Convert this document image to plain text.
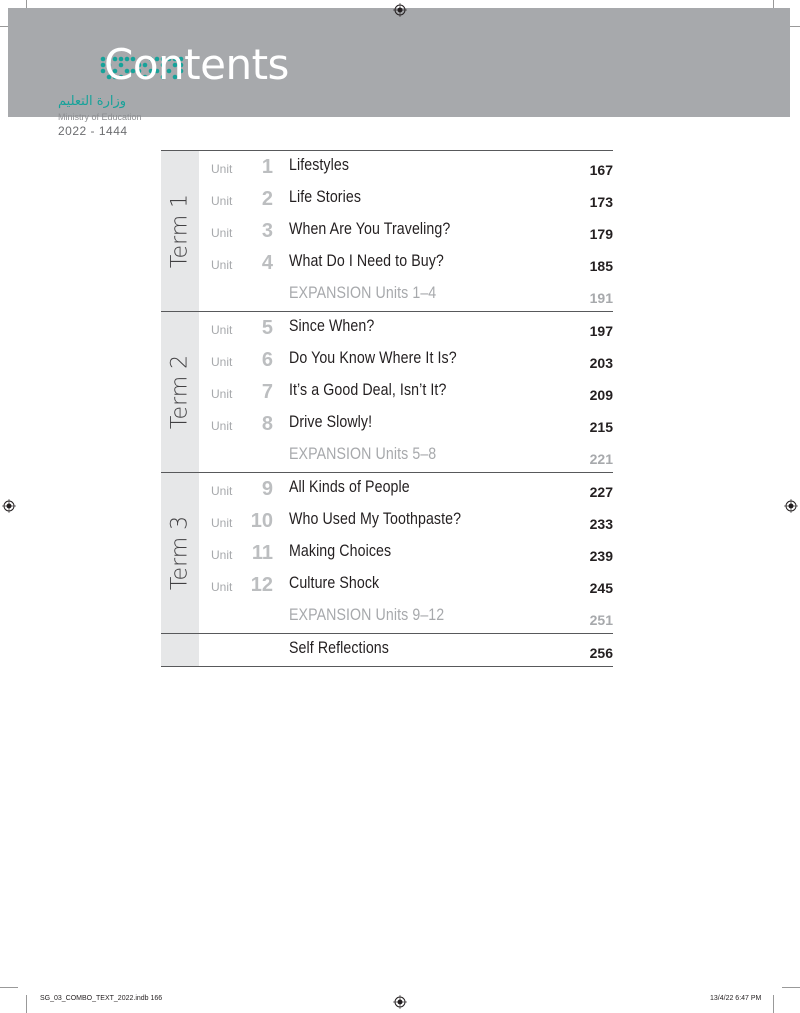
Contents
وزارة التعليم
Ministry of Education
2022 - 1444
Term 1
Unit	1 Lifestyles	167
Unit	2 Life Stories	173
Unit	3 When Are You Traveling?	179
Unit	4 What Do I Need to Buy?	185
EXPANSION Units 1–4	191
Term 2
Unit	5 Since When?	197
Unit	6 Do You Know Where It Is?	203
Unit	7 It’s a Good Deal, Isn’t It?	209
Unit	8 Drive Slowly!	215
EXPANSION Units 5–8	221
Term 3
Unit	9 All Kinds of People	227
Unit 10 Who Used My Toothpaste?	233
Unit 11 Making Choices	239
Unit 12 Culture Shock	245
EXPANSION Units 9–12	251
Self Reflections	256
SG_03_COMBO_TEXT_2022.indb 166	13/4/22 6:47 PM
